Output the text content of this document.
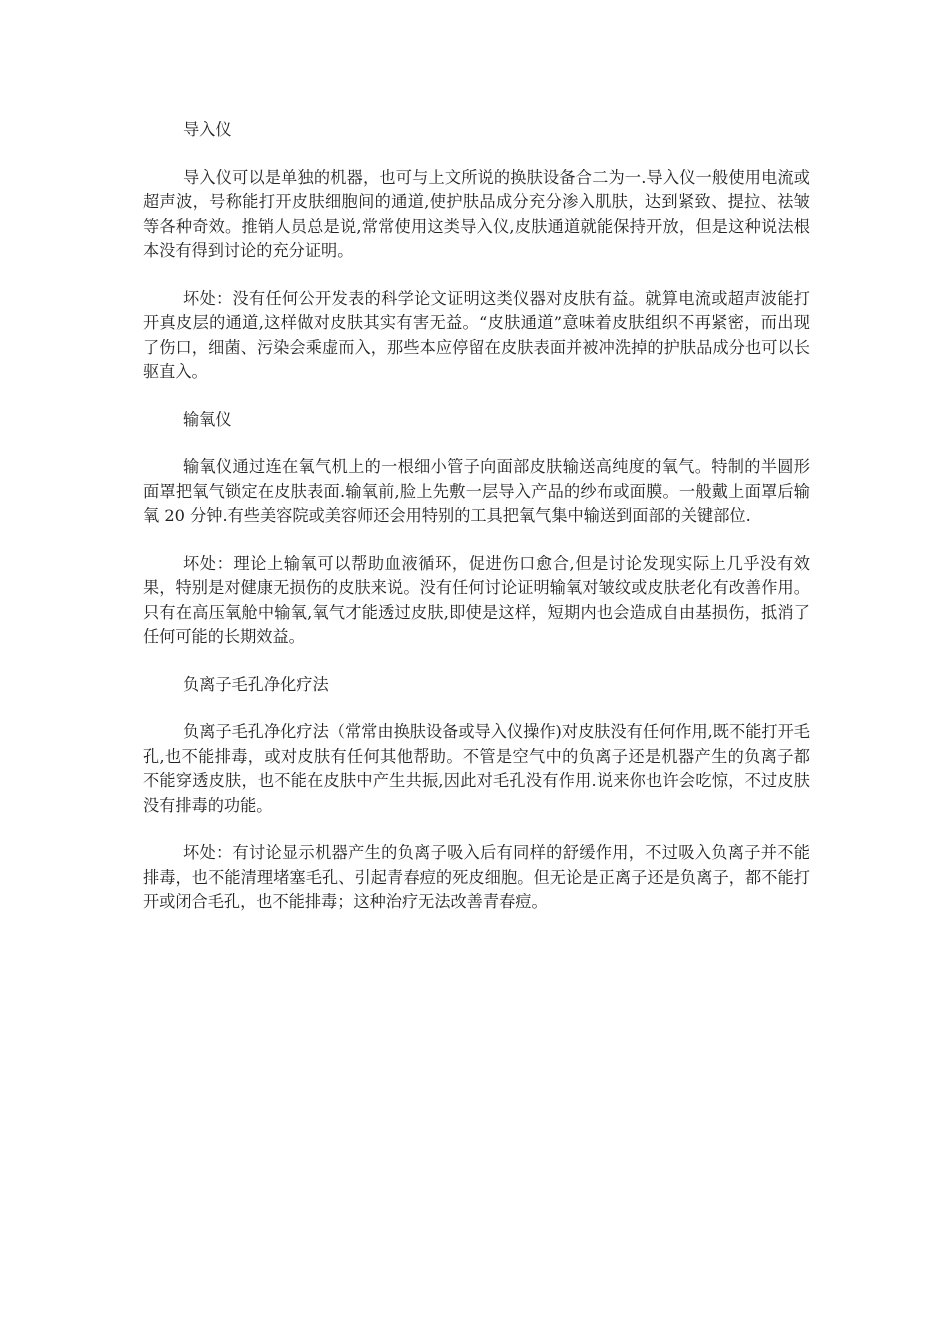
导入仪

导入仪可以是单独的机器，也可与上文所说的换肤设备合二为一.导入仪一般使用电流或超声波，号称能打开皮肤细胞间的通道,使护肤品成分充分渗入肌肤，达到紧致、提拉、祛皱等各种奇效。推销人员总是说,常常使用这类导入仪,皮肤通道就能保持开放，但是这种说法根本没有得到讨论的充分证明。

坏处：没有任何公开发表的科学论文证明这类仪器对皮肤有益。就算电流或超声波能打开真皮层的通道,这样做对皮肤其实有害无益。“皮肤通道”意味着皮肤组织不再紧密，而出现了伤口，细菌、污染会乘虚而入，那些本应停留在皮肤表面并被冲洗掉的护肤品成分也可以长驱直入。

输氧仪

输氧仪通过连在氧气机上的一根细小管子向面部皮肤输送高纯度的氧气。特制的半圆形面罩把氧气锁定在皮肤表面.输氧前,脸上先敷一层导入产品的纱布或面膜。一般戴上面罩后输氧 20 分钟.有些美容院或美容师还会用特别的工具把氧气集中输送到面部的关键部位.

坏处：理论上输氧可以帮助血液循环，促进伤口愈合,但是讨论发现实际上几乎没有效果，特别是对健康无损伤的皮肤来说。没有任何讨论证明输氧对皱纹或皮肤老化有改善作用。只有在高压氧舱中输氧,氧气才能透过皮肤,即使是这样，短期内也会造成自由基损伤，抵消了任何可能的长期效益。

负离子毛孔净化疗法

负离子毛孔净化疗法（常常由换肤设备或导入仪操作)对皮肤没有任何作用,既不能打开毛孔,也不能排毒，或对皮肤有任何其他帮助。不管是空气中的负离子还是机器产生的负离子都不能穿透皮肤，也不能在皮肤中产生共振,因此对毛孔没有作用.说来你也许会吃惊，不过皮肤没有排毒的功能。

坏处：有讨论显示机器产生的负离子吸入后有同样的舒缓作用，不过吸入负离子并不能排毒，也不能清理堵塞毛孔、引起青春痘的死皮细胞。但无论是正离子还是负离子，都不能打开或闭合毛孔，也不能排毒；这种治疗无法改善青春痘。
